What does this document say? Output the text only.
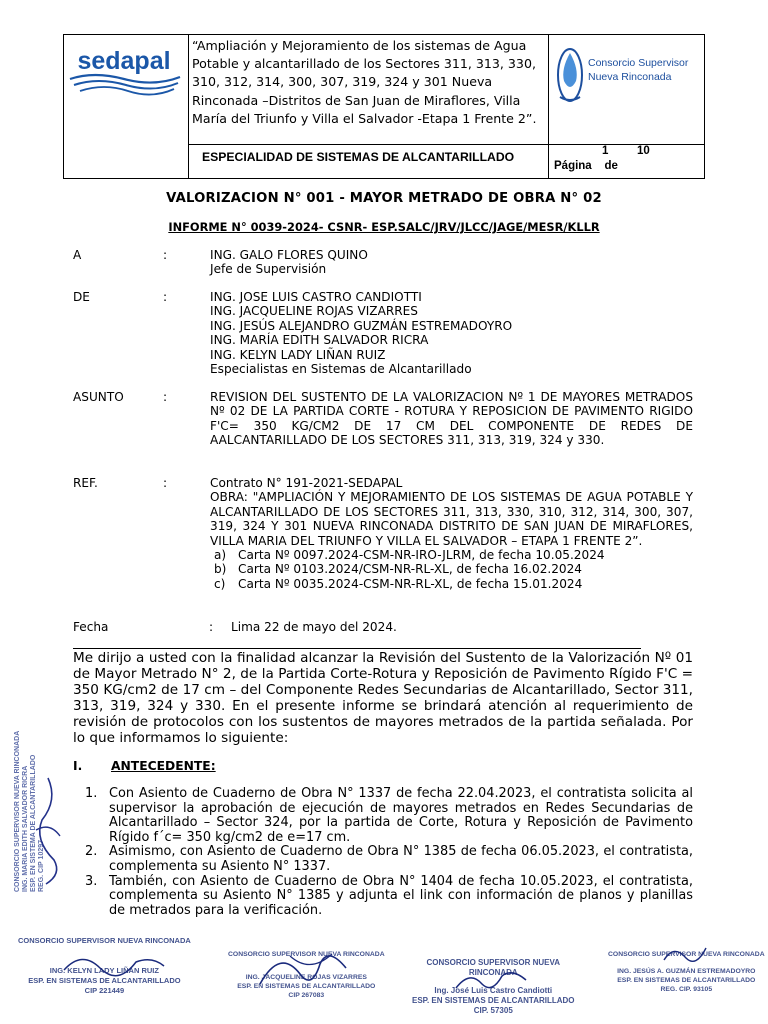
sedapal
“Ampliación y Mejoramiento de los sistemas de Agua Potable y alcantarillado de los Sectores 311, 313, 330, 310, 312, 314, 300, 307, 319, 324 y 301 Nueva Rinconada –Distritos de San Juan de Miraflores, Villa María del Triunfo y Villa el Salvador -Etapa 1 Frente 2”.
ESPECIALIDAD DE SISTEMAS DE ALCANTARILLADO	1 10
Página    de
Consorcio Supervisor
Nueva Rinconada
VALORIZACION N° 001 - MAYOR METRADO DE OBRA N° 02
INFORME N° 0039-2024- CSNR- ESP.SALC/JRV/JLCC/JAGE/MESR/KLLR
A	:	ING. GALO FLORES QUINO
Jefe de Supervisión
DE	:	ING. JOSE LUIS CASTRO CANDIOTTI
ING. JACQUELINE ROJAS VIZARRES
ING. JESÚS ALEJANDRO GUZMÁN ESTREMADOYRO
ING. MARÍA EDITH SALVADOR RICRA
ING. KELYN LADY LIÑAN RUIZ
Especialistas en Sistemas de Alcantarillado
ASUNTO	:	REVISION DEL SUSTENTO DE LA VALORIZACION Nº 1 DE MAYORES METRADOS Nº 02 DE LA PARTIDA CORTE - ROTURA Y REPOSICION DE PAVIMENTO RIGIDO F'C= 350 KG/CM2 DE 17 CM DEL COMPONENTE DE REDES DE AALCANTARILLADO DE LOS SECTORES 311, 313, 319, 324 y 330.
REF.	:	Contrato N° 191-2021-SEDAPAL
OBRA: "AMPLIACIÓN Y MEJORAMIENTO DE LOS SISTEMAS DE AGUA POTABLE Y ALCANTARILLADO DE LOS SECTORES 311, 313, 330, 310, 312, 314, 300, 307, 319, 324 Y 301 NUEVA RINCONADA DISTRITO DE SAN JUAN DE MIRAFLORES, VILLA MARIA DEL TRIUNFO Y VILLA EL SALVADOR – ETAPA 1 FRENTE 2”.
a) Carta Nº 0097.2024-CSM-NR-IRO-JLRM, de fecha 10.05.2024
b) Carta Nº 0103.2024/CSM-NR-RL-XL, de fecha 16.02.2024
c)	Carta Nº 0035.2024-CSM-NR-RL-XL, de fecha 15.01.2024
Fecha	: Lima 22 de mayo del 2024.
Me dirijo a usted con la finalidad alcanzar la Revisión del Sustento de la Valorización Nº 01 de Mayor Metrado N° 2, de la Partida Corte-Rotura y Reposición de Pavimento Rígido F'C = 350 KG/cm2 de 17 cm – del Componente Redes Secundarias de Alcantarillado, Sector 311, 313, 319, 324 y 330. En el presente informe se brindará atención al requerimiento de revisión de protocolos con los sustentos de mayores metrados de la partida señalada. Por lo que informamos lo siguiente:
I. ANTECEDENTE:
1. Con Asiento de Cuaderno de Obra N° 1337 de fecha 22.04.2023, el contratista solicita al supervisor la aprobación de ejecución de mayores metrados en Redes Secundarias de Alcantarillado – Sector 324, por la partida de Corte, Rotura y Reposición de Pavimento Rígido f´c= 350 kg/cm2 de e=17 cm.
2. Asimismo, con Asiento de Cuaderno de Obra N° 1385 de fecha 06.05.2023, el contratista, complementa su Asiento N° 1337.
3. También, con Asiento de Cuaderno de Obra N° 1404 de fecha 10.05.2023, el contratista, complementa su Asiento N° 1385 y adjunta el link con información de planos y planillas de metrados para la verificación.
CONSORCIO SUPERVISOR NUEVA RINCONADA ING. MARIA EDITH SALVADOR RICRA ESP. EN SISTEMA DE ALCANTARILLADO REG. CIP 10297
CONSORCIO SUPERVISOR NUEVA RINCONADA
ING. KELYN LADY LIÑAN RUIZ
ESP. EN SISTEMAS DE ALCANTARILLADO
CIP 221449
CONSORCIO SUPERVISOR NUEVA RINCONADA
ING. JACQUELINE ROJAS VIZARRES
ESP. EN SISTEMAS DE ALCANTARILLADO
CIP 267083
CONSORCIO SUPERVISOR NUEVA
RINCONADA
Ing. José Luis Castro Candiotti
ESP. EN SISTEMAS DE ALCANTARILLADO
CIP. 57305
CONSORCIO SUPERVISOR NUEVA RINCONADA
ING. JESÚS A. GUZMÁN ESTREMADOYRO
ESP. EN SISTEMAS DE ALCANTARILLADO
REG. CIP. 93105
